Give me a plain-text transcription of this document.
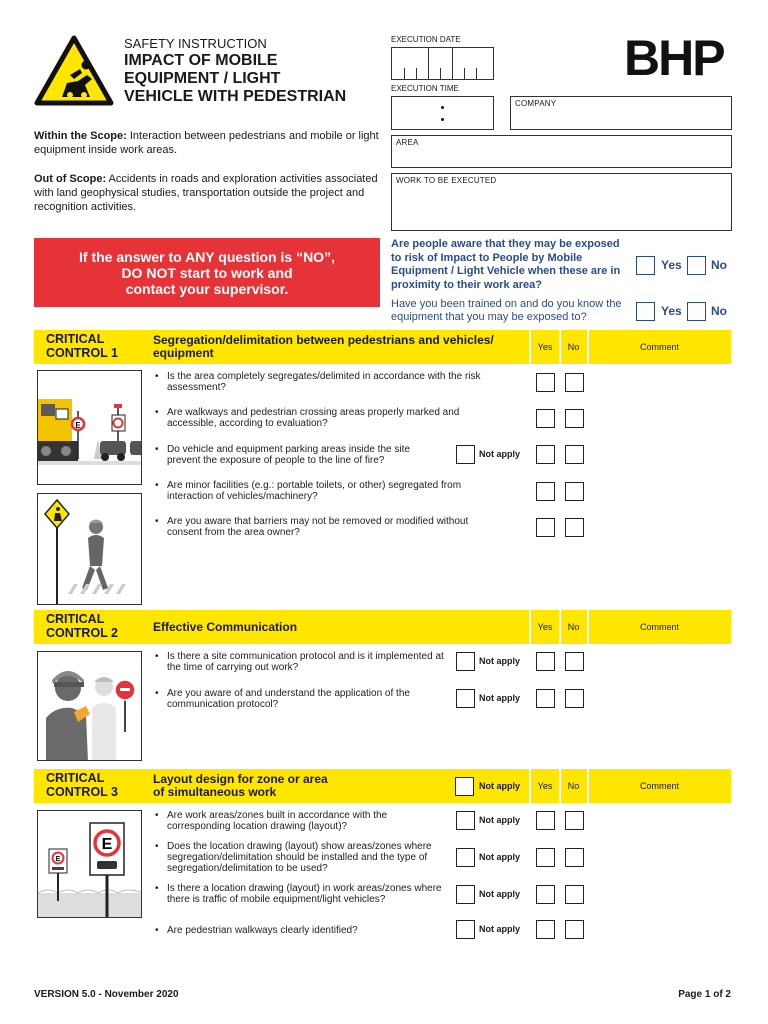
SAFETY INSTRUCTION
IMPACT OF MOBILE
EQUIPMENT / LIGHT
VEHICLE WITH PEDESTRIAN
BHP
EXECUTION DATE
EXECUTION TIME
COMPANY
AREA
WORK TO BE EXECUTED
Within the Scope: Interaction between pedestrians and mobile or light equipment inside work areas.
Out of Scope: Accidents in roads and exploration activities associated with land geophysical studies, transportation outside the project and recognition activities.
If the answer to ANY question is “NO”,
DO NOT start to work and
contact your supervisor.
Are people aware that they may be exposed to risk of Impact to People by Mobile Equipment / Light Vehicle when these are in proximity to their work area?
Yes No
Have you been trained on and do you know the equipment that you may be exposed to?	Yes No
CRITICAL
CONTROL 1
Segregation/delimitation between pedestrians and vehicles/
equipment	Yes	No	Comment
E
• Is the area completely segregates/delimited in accordance with the risk assessment?
• Are walkways and pedestrian crossing areas properly marked and accessible, according to evaluation?
• Do vehicle and equipment parking areas inside the site prevent the exposure of people to the line of fire?
Not apply
• Are minor facilities (e.g.: portable toilets, or other) segregated from interaction of vehicles/machinery?
• Are you aware that barriers may not be removed or modified without consent from the area owner?
CRITICAL
CONTROL 2	Effective Communication	Yes	No	Comment
• Is there a site communication protocol and is it implemented at the time of carrying out work?
Not apply
• Are you aware of and understand the application of the communication protocol?
Not apply
CRITICAL
CONTROL 3
Layout design for zone or area
of simultaneous work	Not apply	Yes	No	Comment
E
E
• Are work areas/zones built in accordance with the corresponding location drawing (layout)?
Not apply
• Does the location drawing (layout) show areas/zones where segregation/delimitation should be installed and the type of segregation/delimitation to be used?
Not apply
• Is there a location drawing (layout) in work areas/zones where there is traffic of mobile equipment/light vehicles?	Not apply
• Are pedestrian walkways clearly identified?	Not apply
VERSION 5.0 - November 2020	Page 1 of 2
